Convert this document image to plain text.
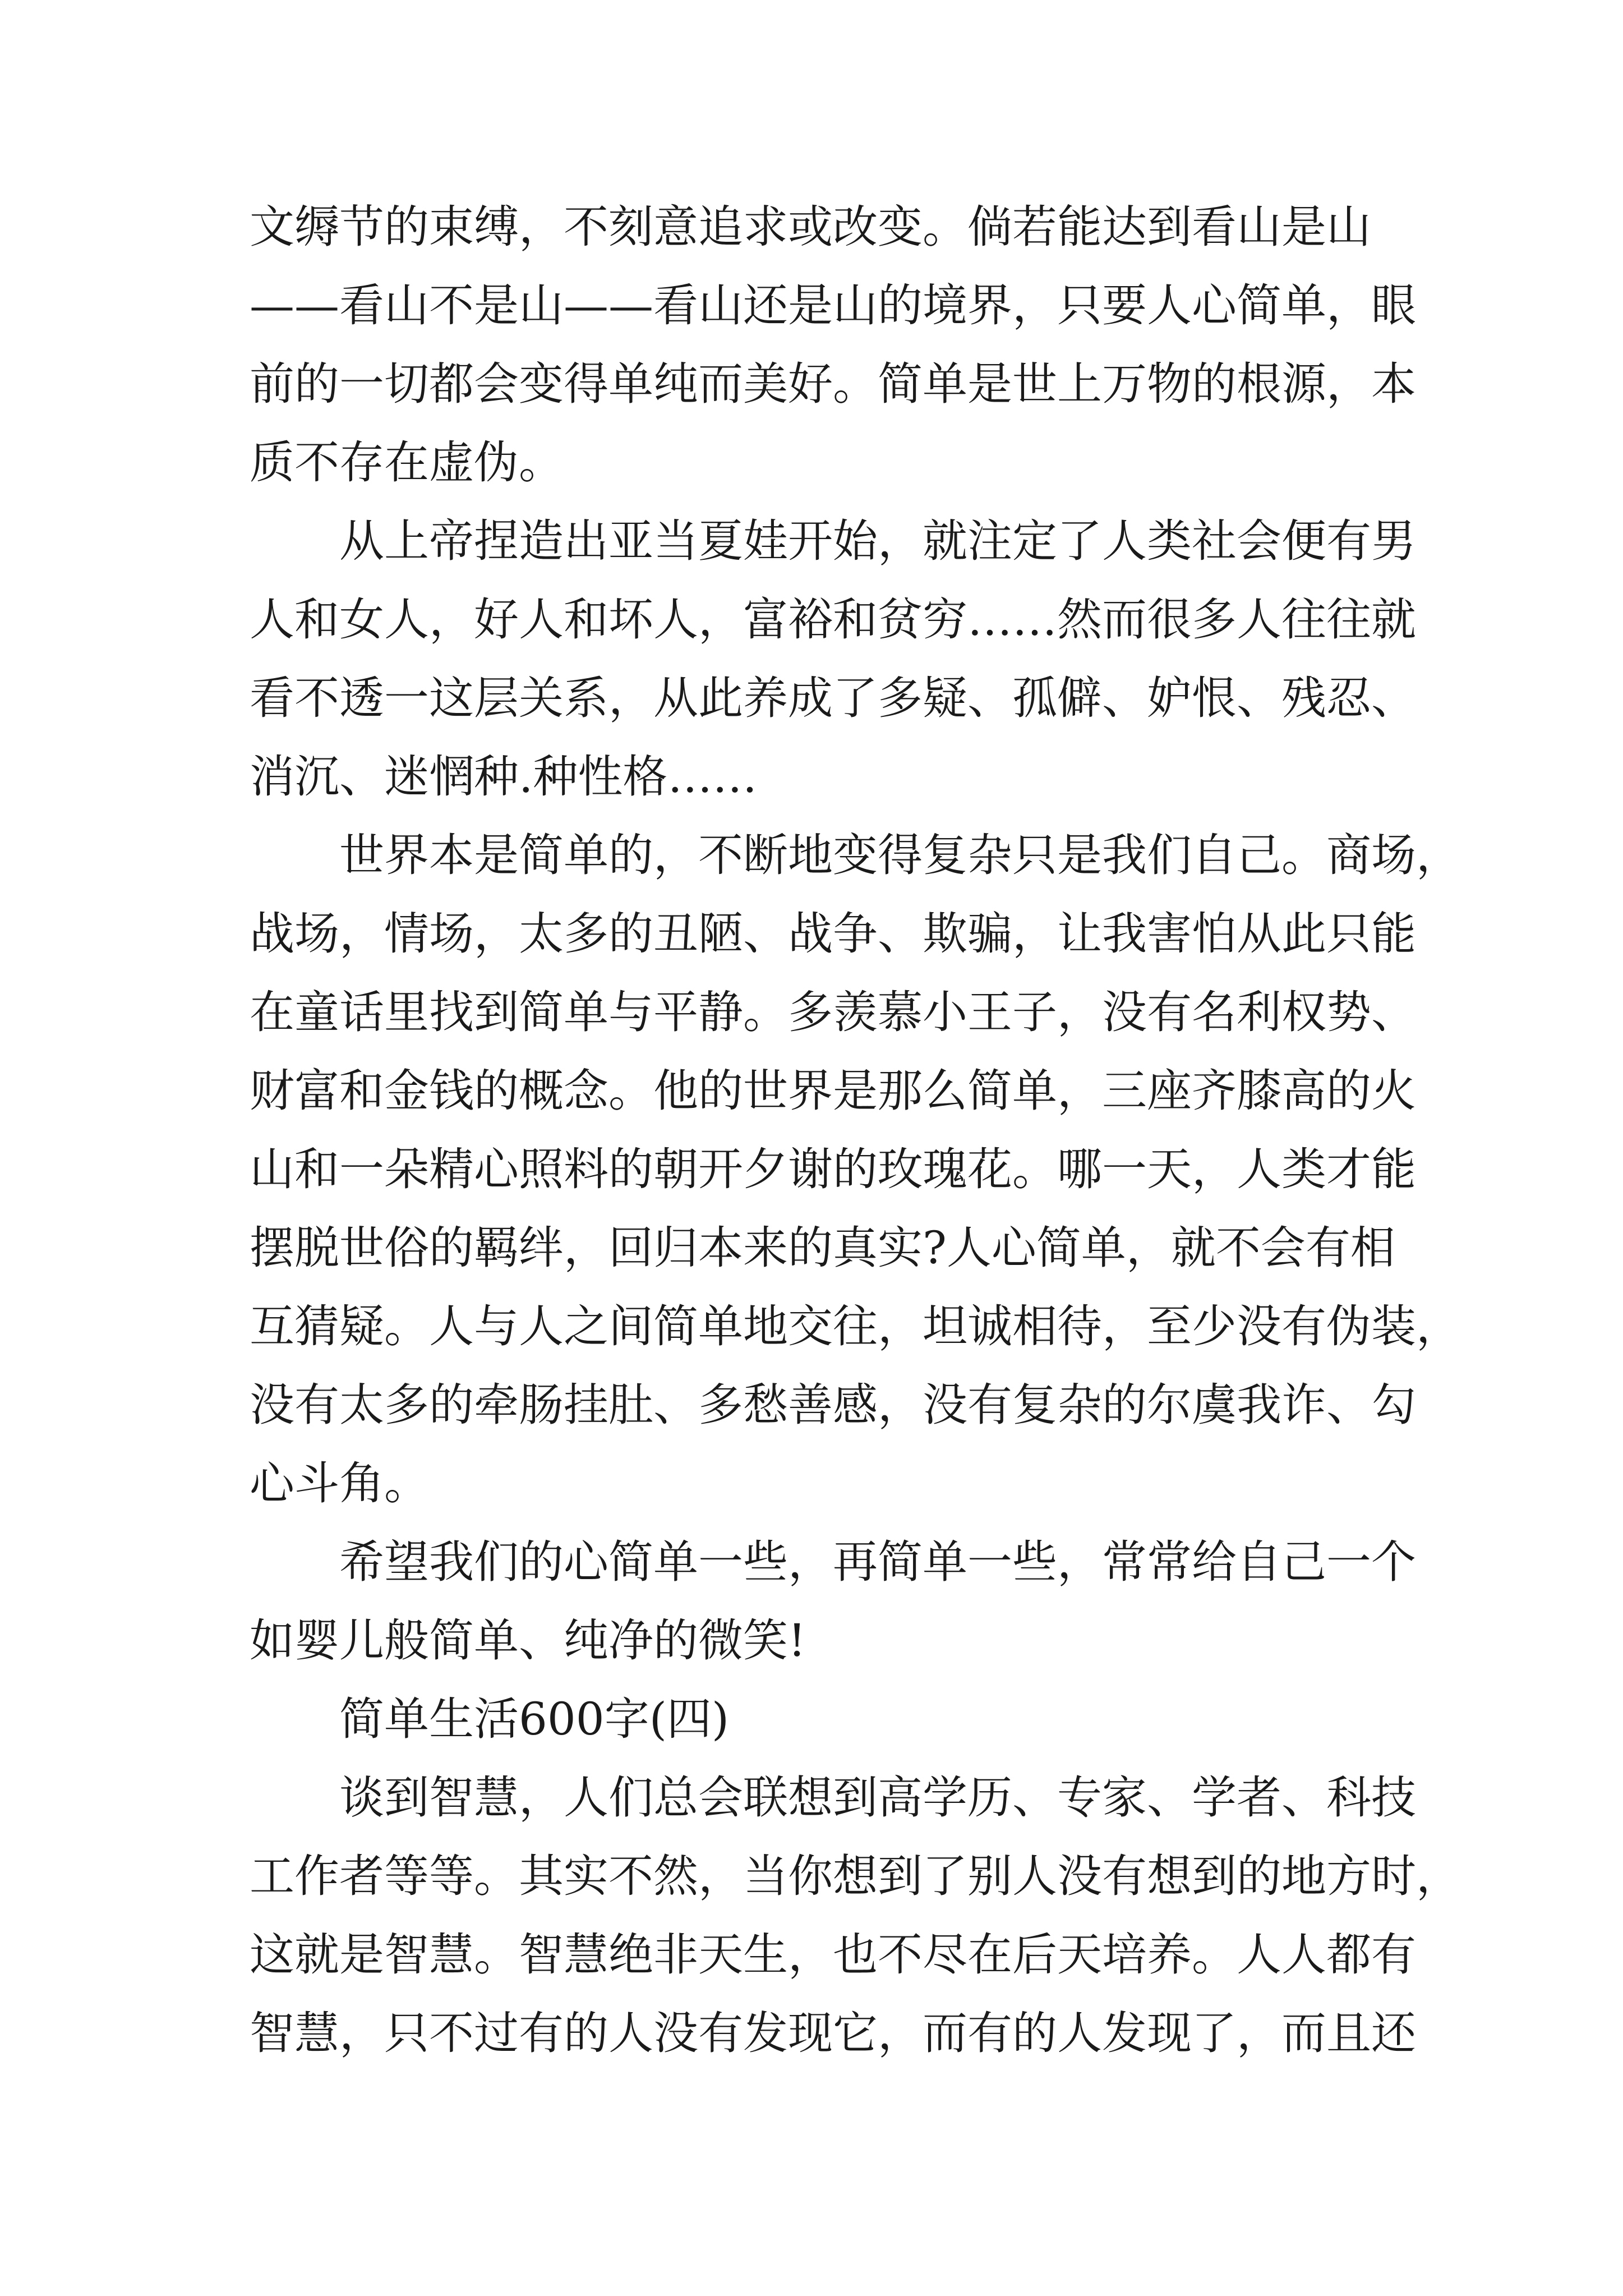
文缛节的束缚，不刻意追求或改变。倘若能达到看山是山
——看山不是山——看山还是山的境界，只要人心简单，眼
前的一切都会变得单纯而美好。简单是世上万物的根源，本
质不存在虚伪。
从上帝捏造出亚当夏娃开始，就注定了人类社会便有男
人和女人，好人和坏人，富裕和贫穷……然而很多人往往就
看不透一这层关系，从此养成了多疑、孤僻、妒恨、残忍、
消沉、迷惘种.种性格……
世界本是简单的，不断地变得复杂只是我们自己。商场，
战场，情场，太多的丑陋、战争、欺骗，让我害怕从此只能
在童话里找到简单与平静。多羡慕小王子，没有名利权势、
财富和金钱的概念。他的世界是那么简单，三座齐膝高的火
山和一朵精心照料的朝开夕谢的玫瑰花。哪一天，人类才能
摆脱世俗的羁绊，回归本来的真实?人心简单，就不会有相
互猜疑。人与人之间简单地交往，坦诚相待，至少没有伪装，
没有太多的牵肠挂肚、多愁善感，没有复杂的尔虞我诈、勾
心斗角。
希望我们的心简单一些，再简单一些，常常给自己一个
如婴儿般简单、纯净的微笑!
简单生活600字(四)
谈到智慧，人们总会联想到高学历、专家、学者、科技
工作者等等。其实不然，当你想到了别人没有想到的地方时，
这就是智慧。智慧绝非天生，也不尽在后天培养。人人都有
智慧，只不过有的人没有发现它，而有的人发现了，而且还
